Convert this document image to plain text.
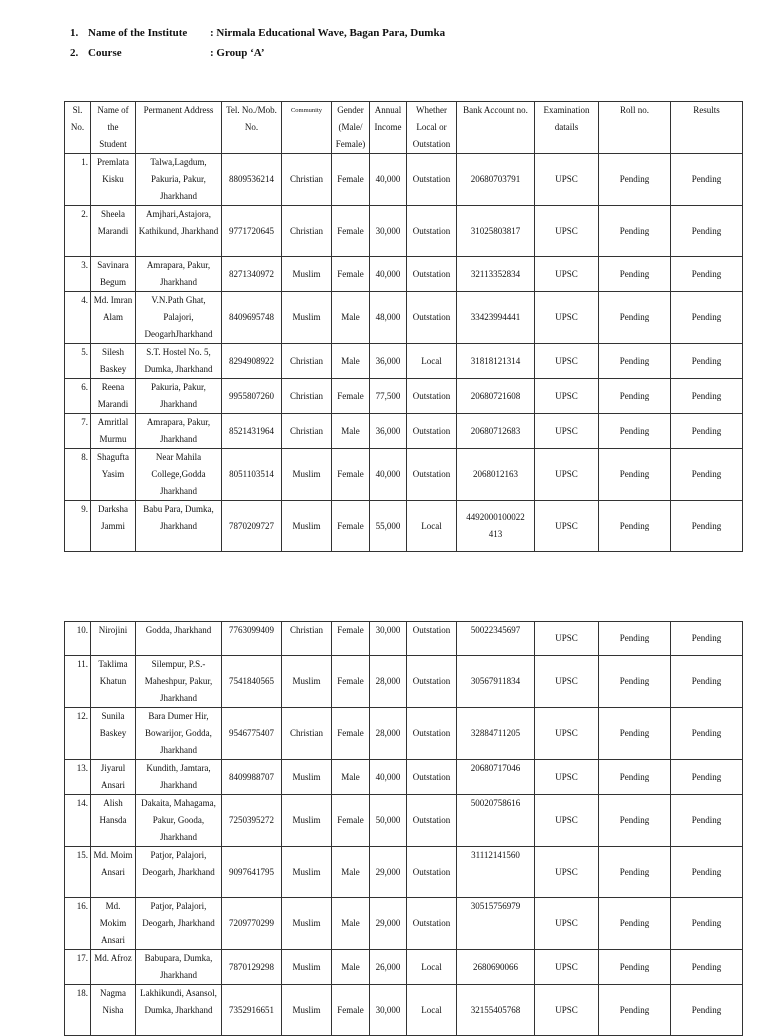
1. Name of the Institute	: Nirmala Educational Wave, Bagan Para, Dumka
2. Course	: Group ‘A’
Sl. No.	Name of the Student	Permanent Address	Tel. No./Mob. No.	Community	Gender (Male/ Female)	Annual Income	Whether Local or Outstation	Bank Account no.	Examination datails	Roll no.	Results
1.	Premlata Kisku	Talwa,Lagdum, Pakuria, Pakur, Jharkhand	8809536214	Christian	Female	40,000	Outstation	20680703791	UPSC	Pending	Pending
2.	Sheela Marandi	Amjhari,Astajora, Kathikund, Jharkhand	9771720645	Christian	Female	30,000	Outstation	31025803817	UPSC	Pending	Pending
3.	Savinara Begum	Amrapara, Pakur, Jharkhand	8271340972	Muslim	Female	40,000	Outstation	32113352834	UPSC	Pending	Pending
4.	Md. Imran Alam	V.N.Path Ghat, Palajori, DeogarhJharkhand	8409695748	Muslim	Male	48,000	Outstation	33423994441	UPSC	Pending	Pending
5.	Silesh Baskey	S.T. Hostel No. 5, Dumka, Jharkhand	8294908922	Christian	Male	36,000	Local	31818121314	UPSC	Pending	Pending
6.	Reena Marandi	Pakuria, Pakur, Jharkhand	9955807260	Christian	Female	77,500	Outstation	20680721608	UPSC	Pending	Pending
7.	Amritlal Murmu	Amrapara, Pakur, Jharkhand	8521431964	Christian	Male	36,000	Outstation	20680712683	UPSC	Pending	Pending
8.	Shagufta Yasim	Near Mahila College,Godda Jharkhand	8051103514	Muslim	Female	40,000	Outstation	2068012163	UPSC	Pending	Pending
9.	Darksha Jammi	Babu Para, Dumka, Jharkhand	7870209727	Muslim	Female	55,000	Local	4492000100022 413	UPSC	Pending	Pending
10.	Nirojini	Godda, Jharkhand	7763099409	Christian	Female	30,000	Outstation	50022345697	UPSC	Pending	Pending
11.	Taklima Khatun	Silempur, P.S.- Maheshpur, Pakur, Jharkhand	7541840565	Muslim	Female	28,000	Outstation	30567911834	UPSC	Pending	Pending
12.	Sunila Baskey	Bara Dumer Hir, Bowarijor, Godda, Jharkhand	9546775407	Christian	Female	28,000	Outstation	32884711205	UPSC	Pending	Pending
13.	Jiyarul Ansari	Kundith, Jamtara, Jharkhand	8409988707	Muslim	Male	40,000	Outstation	20680717046	UPSC	Pending	Pending
14.	Alish Hansda	Dakaita, Mahagama, Pakur, Gooda, Jharkhand	7250395272	Muslim	Female	50,000	Outstation	50020758616	UPSC	Pending	Pending
15.	Md. Moim Ansari	Patjor, Palajori, Deogarh, Jharkhand	9097641795	Muslim	Male	29,000	Outstation	31112141560	UPSC	Pending	Pending
16.	Md. Mokim Ansari	Patjor, Palajori, Deogarh, Jharkhand	7209770299	Muslim	Male	29,000	Outstation	30515756979	UPSC	Pending	Pending
17.	Md. Afroz	Babupara, Dumka, Jharkhand	7870129298	Muslim	Male	26,000	Local	2680690066	UPSC	Pending	Pending
18.	Nagma Nisha	Lakhikundi, Asansol, Dumka, Jharkhand	7352916651	Muslim	Female	30,000	Local	32155405768	UPSC	Pending	Pending
